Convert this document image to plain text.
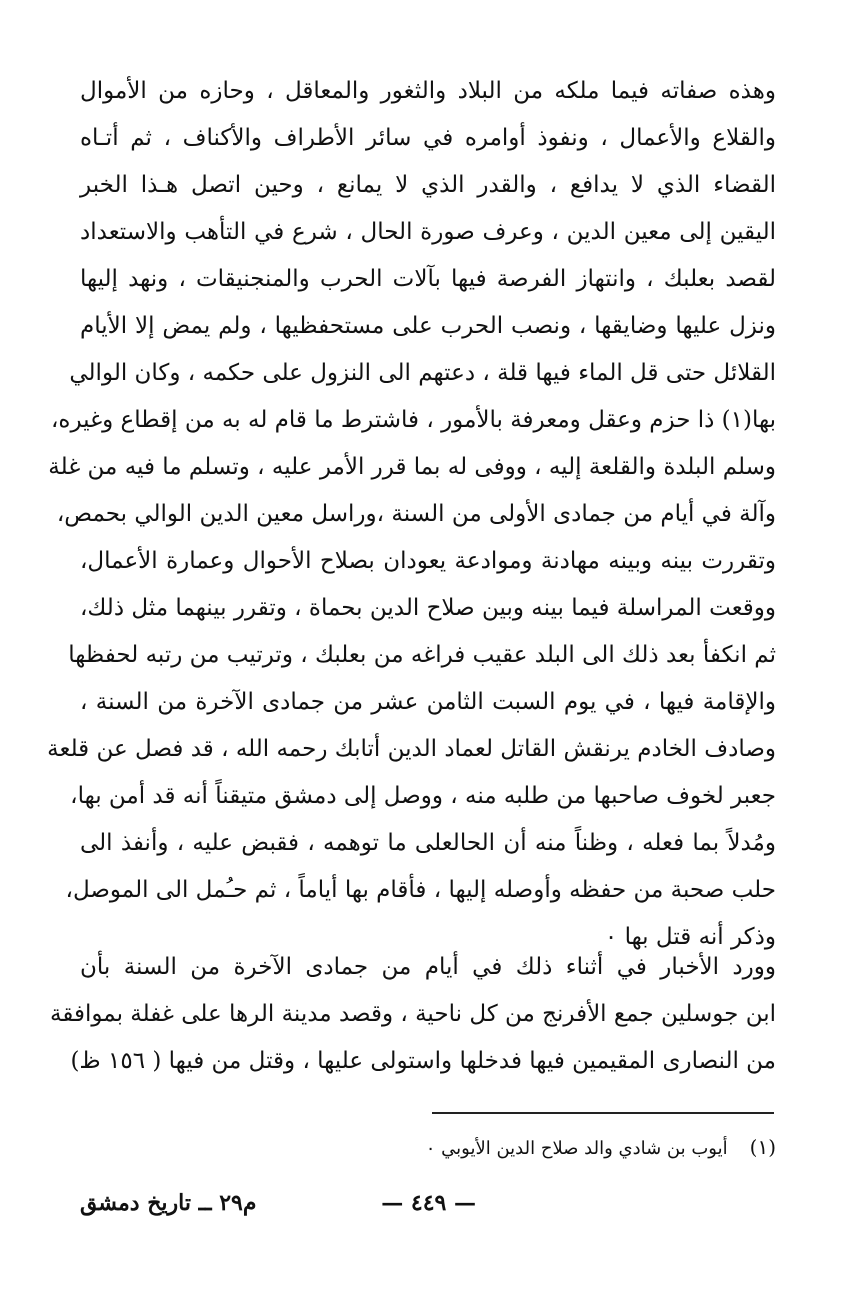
وهذه صفاته فيما ملكه من البلاد والثغور والمعاقل ، وحازه من الأموال
والقلاع والأعمال ، ونفوذ أوامره في سائر الأطراف والأكناف ، ثم أتـاه
القضاء الذي لا يدافع ، والقدر الذي لا يمانع ، وحين اتصل هـذا الخبر
اليقين إلى معين الدين ، وعرف صورة الحال ، شرع في التأهب والاستعداد
لقصد بعلبك ، وانتهاز الفرصة فيها بآلات الحرب والمنجنيقات ، ونهد إليها
ونزل عليها وضايقها ، ونصب الحرب على مستحفظيها ، ولم يمض إلا الأيام
القلائل حتى قل الماء فيها قلة ، دعتهم الى النزول على حكمه ، وكان الوالي
بها(١) ذا حزم وعقل ومعرفة بالأمور ، فاشترط ما قام له به من إقطاع وغيره،
وسلم البلدة والقلعة إليه ، ووفى له بما قرر الأمر عليه ، وتسلم ما فيه من غلة
وآلة في أيام من جمادى الأولى من السنة ،وراسل معين الدين الوالي بحمص،
وتقررت بينه وبينه مهادنة وموادعة يعودان بصلاح الأحوال وعمارة الأعمال،
ووقعت المراسلة فيما بينه وبين صلاح الدين بحماة ، وتقرر بينهما مثل ذلك،
ثم انكفأ بعد ذلك الى البلد عقيب فراغه من بعلبك ، وترتيب من رتبه لحفظها
والإقامة فيها ، في يوم السبت الثامن عشر من جمادى الآخرة من السنة ،
وصادف الخادم يرنقش القاتل لعماد الدين أتابك رحمه الله ، قد فصل عن قلعة
جعبر لخوف صاحبها من طلبه منه ، ووصل إلى دمشق متيقناً أنه قد أمن بها،
ومُدلاً بما فعله ، وظناً منه أن الحالعلى ما توهمه ، فقبض عليه ، وأنفذ الى
حلب صحبة من حفظه وأوصله إليها ، فأقام بها أياماً ، ثم حـُمل الى الموصل،
وذكر أنه قتل بها ٠
وورد الأخبار في أثناء ذلك في أيام من جمادى الآخرة من السنة بأن
ابن جوسلين جمع الأفرنج من كل ناحية ، وقصد مدينة الرها على غفلة بموافقة
من النصارى المقيمين فيها فدخلها واستولى عليها ، وقتل من فيها ( ١٥٦ ظ)
(١)أيوب بن شادي والد صلاح الدين الأيوبي ٠
— ٤٤٩ —
م٢٩ ــ تاريخ دمشق
